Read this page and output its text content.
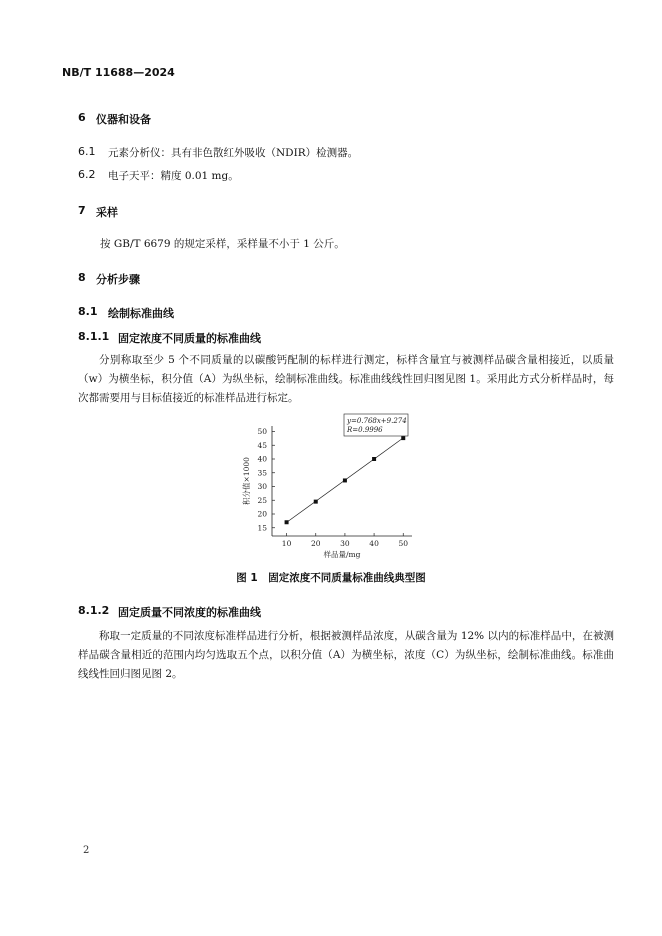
NB/T 11688—2024
6 仪器和设备
6.1 元素分析仪：具有非色散红外吸收（NDIR）检测器。
6.2 电子天平：精度 0.01 mg。
7 采样
按 GB/T 6679 的规定采样，采样量不小于 1 公斤。
8 分析步骤
8.1 绘制标准曲线
8.1.1 固定浓度不同质量的标准曲线
分别称取至少 5 个不同质量的以碳酸钙配制的标样进行测定，标样含量宜与被测样品碳含量相接近，以质量（w）为横坐标，积分值（A）为纵坐标，绘制标准曲线。标准曲线线性回归图见图 1。采用此方式分析样品时，每次都需要用与目标值接近的标准样品进行标定。
15
20
25
30
35
40
45
50
10	20	30	40	50
样品量/mg
积分值×1000
y=0.768x+9.274
R=0.9996
图 1　固定浓度不同质量标准曲线典型图
8.1.2 固定质量不同浓度的标准曲线
称取一定质量的不同浓度标准样品进行分析，根据被测样品浓度，从碳含量为 12% 以内的标准样品中，在被测样品碳含量相近的范围内均匀选取五个点，以积分值（A）为横坐标，浓度（C）为纵坐标，绘制标准曲线。标准曲线线性回归图见图 2。
2
